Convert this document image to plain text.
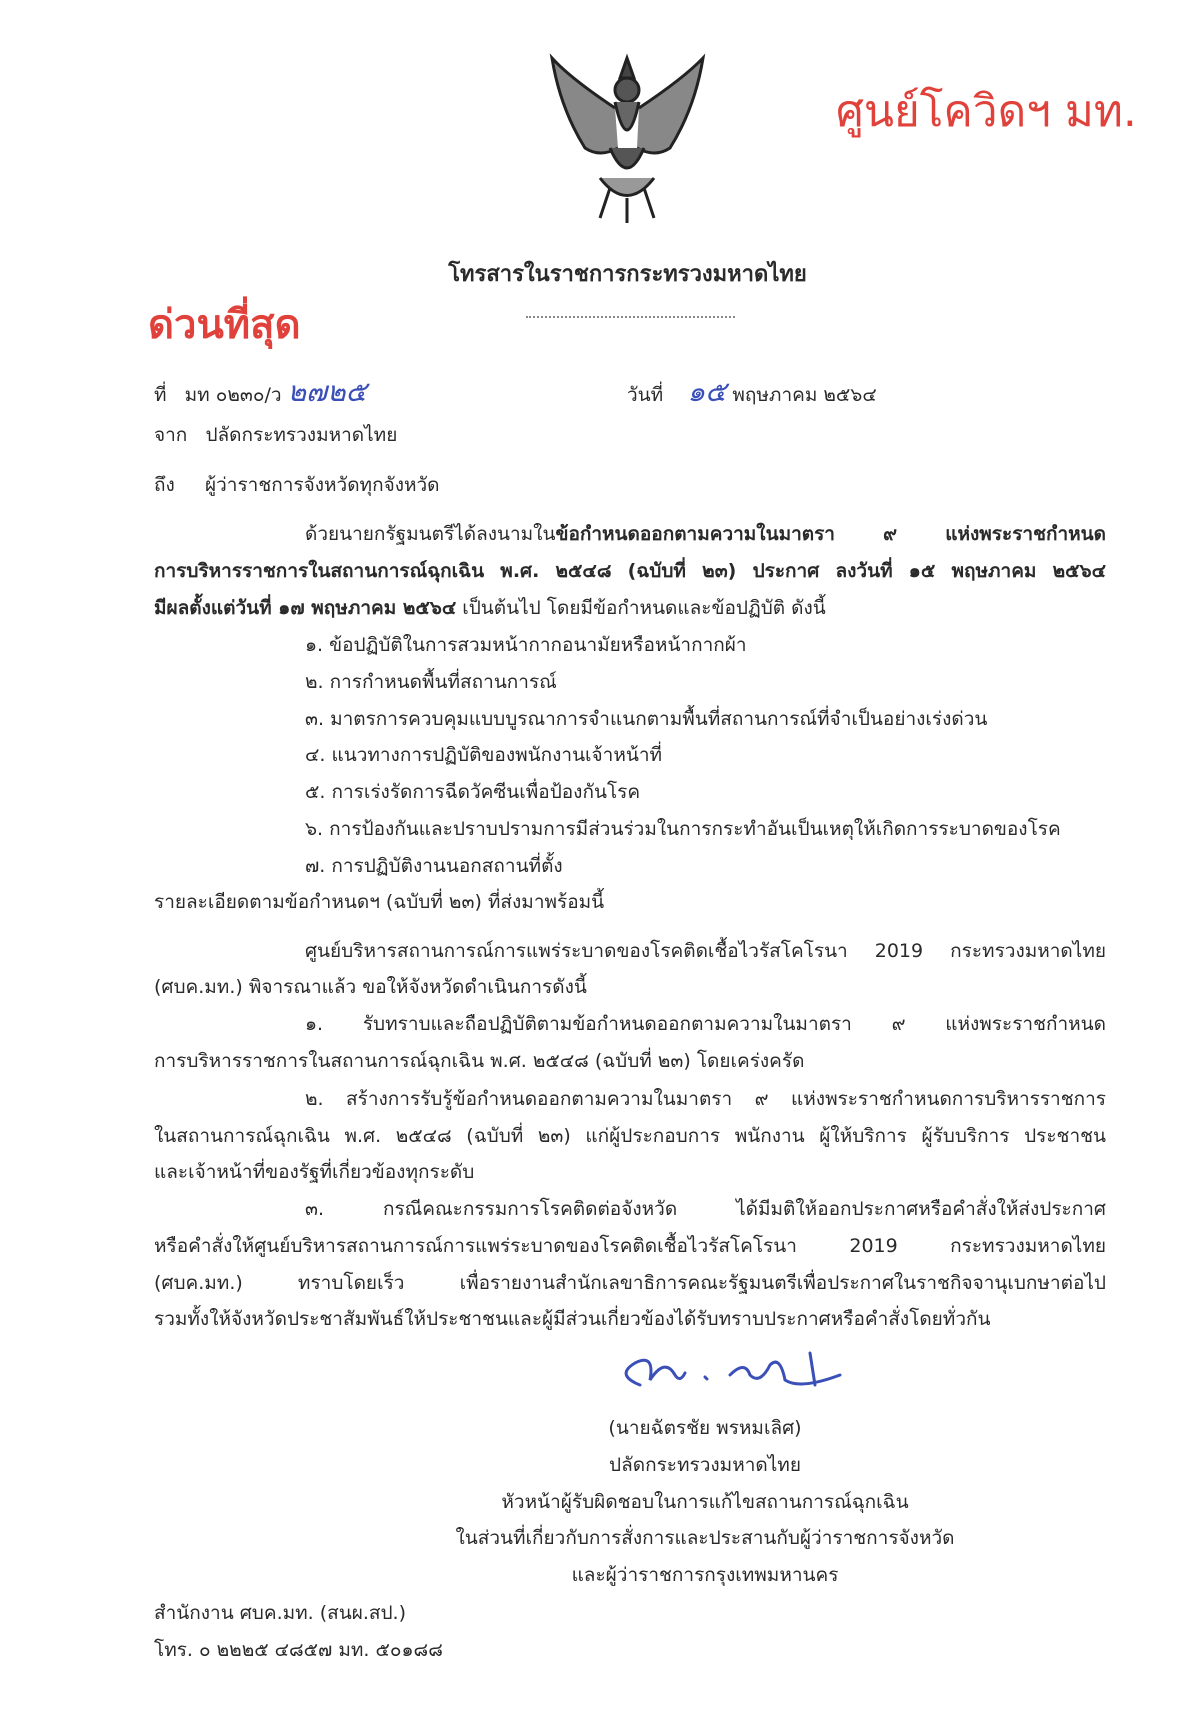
ศูนย์โควิดฯ มท.
โทรสารในราชการกระทรวงมหาดไทย
ด่วนที่สุด
ที่ มท ๐๒๓๐/ว ๒๗๒๕	วันที่ ๑๕ พฤษภาคม ๒๕๖๔
จาก ปลัดกระทรวงมหาดไทย
ถึง ผู้ว่าราชการจังหวัดทุกจังหวัด
ด้วยนายกรัฐมนตรีได้ลงนามในข้อกำหนดออกตามความในมาตรา ๙ แห่งพระราชกำหนด
การบริหารราชการในสถานการณ์ฉุกเฉิน พ.ศ. ๒๕๔๘ (ฉบับที่ ๒๓) ประกาศ ลงวันที่ ๑๕ พฤษภาคม ๒๕๖๔
มีผลตั้งแต่วันที่ ๑๗ พฤษภาคม ๒๕๖๔ เป็นต้นไป โดยมีข้อกำหนดและข้อปฏิบัติ ดังนี้
๑. ข้อปฏิบัติในการสวมหน้ากากอนามัยหรือหน้ากากผ้า
๒. การกำหนดพื้นที่สถานการณ์
๓. มาตรการควบคุมแบบบูรณาการจำแนกตามพื้นที่สถานการณ์ที่จำเป็นอย่างเร่งด่วน
๔. แนวทางการปฏิบัติของพนักงานเจ้าหน้าที่
๕. การเร่งรัดการฉีดวัคซีนเพื่อป้องกันโรค
๖. การป้องกันและปราบปรามการมีส่วนร่วมในการกระทำอันเป็นเหตุให้เกิดการระบาดของโรค
๗. การปฏิบัติงานนอกสถานที่ตั้ง
รายละเอียดตามข้อกำหนดฯ (ฉบับที่ ๒๓) ที่ส่งมาพร้อมนี้
ศูนย์บริหารสถานการณ์การแพร่ระบาดของโรคติดเชื้อไวรัสโคโรนา 2019 กระทรวงมหาดไทย
(ศบค.มท.) พิจารณาแล้ว ขอให้จังหวัดดำเนินการดังนี้
๑. รับทราบและถือปฏิบัติตามข้อกำหนดออกตามความในมาตรา ๙ แห่งพระราชกำหนด
การบริหารราชการในสถานการณ์ฉุกเฉิน พ.ศ. ๒๕๔๘ (ฉบับที่ ๒๓) โดยเคร่งครัด
๒. สร้างการรับรู้ข้อกำหนดออกตามความในมาตรา ๙ แห่งพระราชกำหนดการบริหารราชการ
ในสถานการณ์ฉุกเฉิน พ.ศ. ๒๕๔๘ (ฉบับที่ ๒๓) แก่ผู้ประกอบการ พนักงาน ผู้ให้บริการ ผู้รับบริการ ประชาชน
และเจ้าหน้าที่ของรัฐที่เกี่ยวข้องทุกระดับ
๓. กรณีคณะกรรมการโรคติดต่อจังหวัด ได้มีมติให้ออกประกาศหรือคำสั่งให้ส่งประกาศ
หรือคำสั่งให้ศูนย์บริหารสถานการณ์การแพร่ระบาดของโรคติดเชื้อไวรัสโคโรนา 2019 กระทรวงมหาดไทย
(ศบค.มท.) ทราบโดยเร็ว เพื่อรายงานสำนักเลขาธิการคณะรัฐมนตรีเพื่อประกาศในราชกิจจานุเบกษาต่อไป
รวมทั้งให้จังหวัดประชาสัมพันธ์ให้ประชาชนและผู้มีส่วนเกี่ยวข้องได้รับทราบประกาศหรือคำสั่งโดยทั่วกัน
(นายฉัตรชัย พรหมเลิศ)
ปลัดกระทรวงมหาดไทย
หัวหน้าผู้รับผิดชอบในการแก้ไขสถานการณ์ฉุกเฉิน
ในส่วนที่เกี่ยวกับการสั่งการและประสานกับผู้ว่าราชการจังหวัด
และผู้ว่าราชการกรุงเทพมหานคร
สำนักงาน ศบค.มท. (สนผ.สป.)
โทร. ๐ ๒๒๒๕ ๔๘๕๗ มท. ๕๐๑๘๘
